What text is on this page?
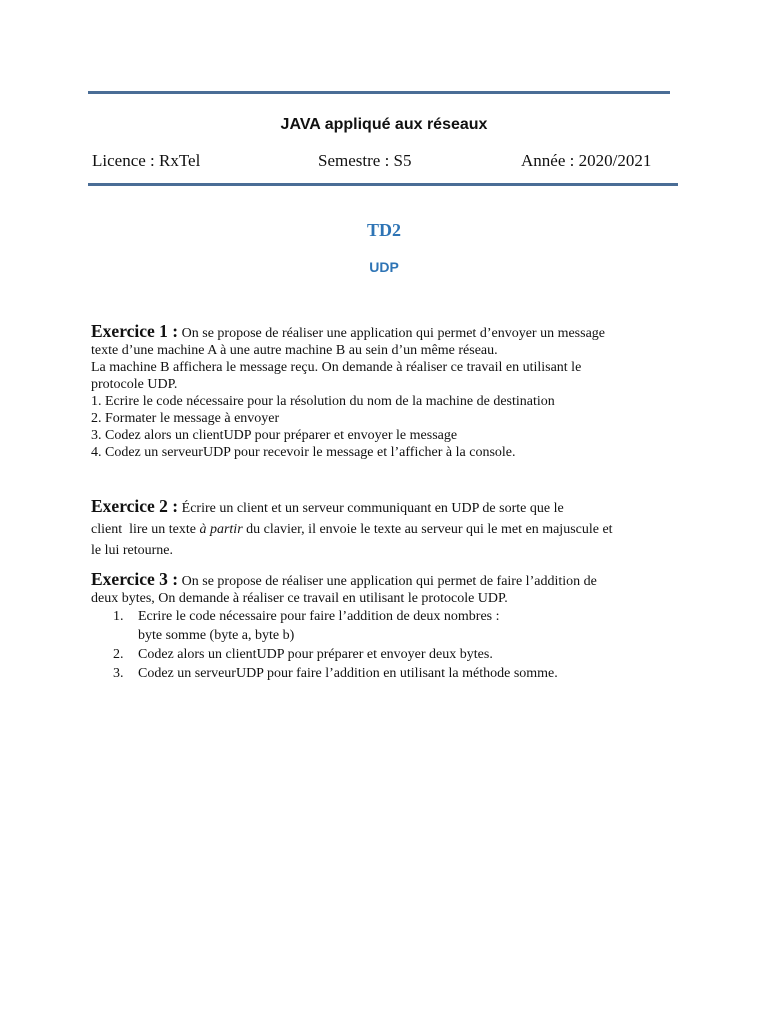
JAVA appliqué aux réseaux
Licence : RxTel	Semestre : S5	Année : 2020/2021
TD2
UDP
Exercice 1 : On se propose de réaliser une application qui permet d’envoyer un message
texte d’une machine A à une autre machine B au sein d’un même réseau.
La machine B affichera le message reçu. On demande à réaliser ce travail en utilisant le
protocole UDP.
1. Ecrire le code nécessaire pour la résolution du nom de la machine de destination
2. Formater le message à envoyer
3. Codez alors un clientUDP pour préparer et envoyer le message
4. Codez un serveurUDP pour recevoir le message et l’afficher à la console.
Exercice 2 : Écrire un client et un serveur communiquant en UDP de sorte que le
client  lire un texte à partir du clavier, il envoie le texte au serveur qui le met en majuscule et
le lui retourne.
Exercice 3 : On se propose de réaliser une application qui permet de faire l’addition de
deux bytes, On demande à réaliser ce travail en utilisant le protocole UDP.
1. Ecrire le code nécessaire pour faire l’addition de deux nombres :
byte somme (byte a, byte b)
2. Codez alors un clientUDP pour préparer et envoyer deux bytes.
3. Codez un serveurUDP pour faire l’addition en utilisant la méthode somme.
